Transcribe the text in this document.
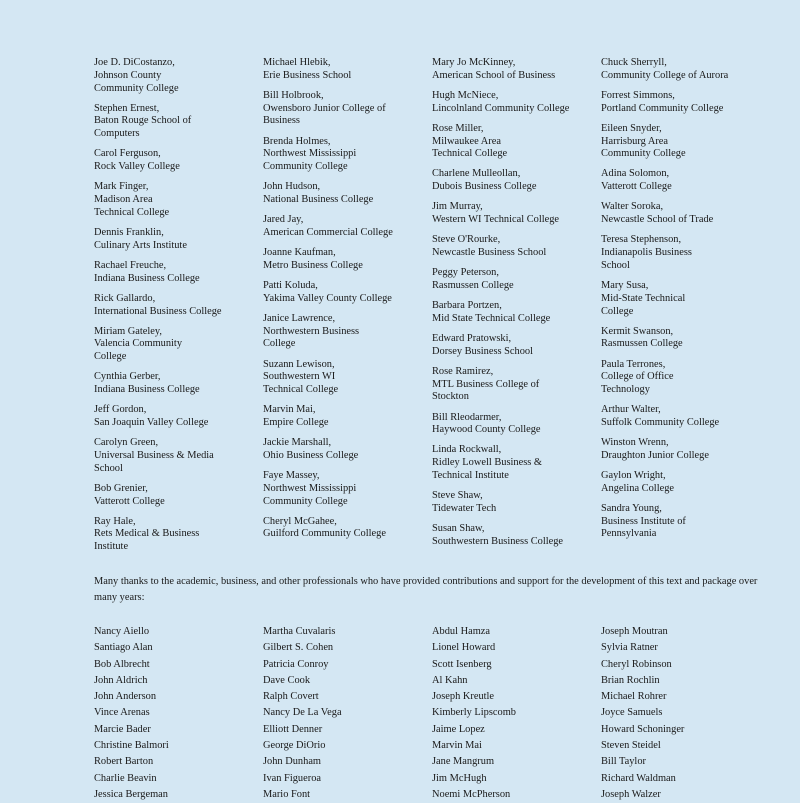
Joe D. DiCostanzo,
Johnson County
Community College
Stephen Ernest,
Baton Rouge School of
Computers
Carol Ferguson,
Rock Valley College
Mark Finger,
Madison Area
Technical College
Dennis Franklin,
Culinary Arts Institute
Rachael Freuche,
Indiana Business College
Rick Gallardo,
International Business College
Miriam Gateley,
Valencia Community
College
Cynthia Gerber,
Indiana Business College
Jeff Gordon,
San Joaquin Valley College
Carolyn Green,
Universal Business & Media
School
Bob Grenier,
Vatterott College
Ray Hale,
Rets Medical & Business
Institute
Michael Hlebik,
Erie Business School
Bill Holbrook,
Owensboro Junior College of
Business
Brenda Holmes,
Northwest Mississippi
Community College
John Hudson,
National Business College
Jared Jay,
American Commercial College
Joanne Kaufman,
Metro Business College
Patti Koluda,
Yakima Valley County College
Janice Lawrence,
Northwestern Business
College
Suzann Lewison,
Southwestern WI
Technical College
Marvin Mai,
Empire College
Jackie Marshall,
Ohio Business College
Faye Massey,
Northwest Mississippi
Community College
Cheryl McGahee,
Guilford Community College
Mary Jo McKinney,
American School of Business
Hugh McNiece,
Lincolnland Community College
Rose Miller,
Milwaukee Area
Technical College
Charlene Mulleollan,
Dubois Business College
Jim Murray,
Western WI Technical College
Steve O'Rourke,
Newcastle Business School
Peggy Peterson,
Rasmussen College
Barbara Portzen,
Mid State Technical College
Edward Pratowski,
Dorsey Business School
Rose Ramirez,
MTL Business College of
Stockton
Bill Rleodarmer,
Haywood County College
Linda Rockwall,
Ridley Lowell Business &
Technical Institute
Steve Shaw,
Tidewater Tech
Susan Shaw,
Southwestern Business College
Chuck Sherryll,
Community College of Aurora
Forrest Simmons,
Portland Community College
Eileen Snyder,
Harrisburg Area
Community College
Adina Solomon,
Vatterott College
Walter Soroka,
Newcastle School of Trade
Teresa Stephenson,
Indianapolis Business
School
Mary Susa,
Mid-State Technical
College
Kermit Swanson,
Rasmussen College
Paula Terrones,
College of Office
Technology
Arthur Walter,
Suffolk Community College
Winston Wrenn,
Draughton Junior College
Gaylon Wright,
Angelina College
Sandra Young,
Business Institute of
Pennsylvania

Many thanks to the academic, business, and other professionals who have provided contributions and support for the development of this text and package over many years:

Nancy Aiello
Santiago Alan
Bob Albrecht
John Aldrich
John Anderson
Vince Arenas
Marcie Bader
Christine Balmori
Robert Barton
Charlie Beavin
Jessica Bergeman
Martha Cuvalaris
Gilbert S. Cohen
Patricia Conroy
Dave Cook
Ralph Covert
Nancy De La Vega
Elliott Denner
George DiOrio
John Dunham
Ivan Figueroa
Mario Font
Abdul Hamza
Lionel Howard
Scott Isenberg
Al Kahn
Joseph Kreutle
Kimberly Lipscomb
Jaime Lopez
Marvin Mai
Jane Mangrum
Jim McHugh
Noemi McPherson
Joseph Moutran
Sylvia Ratner
Cheryl Robinson
Brian Rochlin
Michael Rohrer
Joyce Samuels
Howard Schoninger
Steven Steidel
Bill Taylor
Richard Waldman
Joseph Walzer
